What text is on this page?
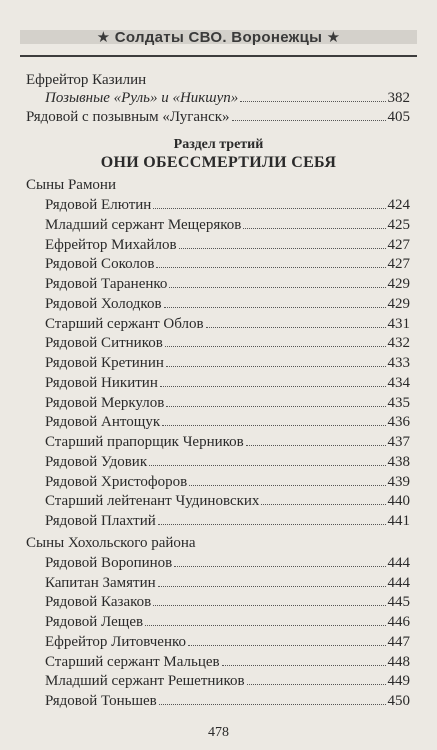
★ Солдаты СВО. Воронежцы ★
Ефрейтор Казилин
Позывные «Руль» и «Никшуп»	382
Рядовой с позывным «Луганск»	405
Раздел третий
ОНИ ОБЕССМЕРТИЛИ СЕБЯ
Сыны Рамони
Рядовой Елютин	424
Младший сержант Мещеряков	425
Ефрейтор Михайлов	427
Рядовой Соколов	427
Рядовой Тараненко	429
Рядовой Холодков	429
Старший сержант Облов	431
Рядовой Ситников	432
Рядовой Кретинин	433
Рядовой Никитин	434
Рядовой Меркулов	435
Рядовой Антощук	436
Старший прапорщик Черников	437
Рядовой Удовик	438
Рядовой Христофоров	439
Старший лейтенант Чудиновских	440
Рядовой Плахтий	441
Сыны Хохольского района
Рядовой Воропинов	444
Капитан Замятин	444
Рядовой Казаков	445
Рядовой Лещев	446
Ефрейтор Литовченко	447
Старший сержант Мальцев	448
Младший сержант Решетников	449
Рядовой Тоньшев	450
478
